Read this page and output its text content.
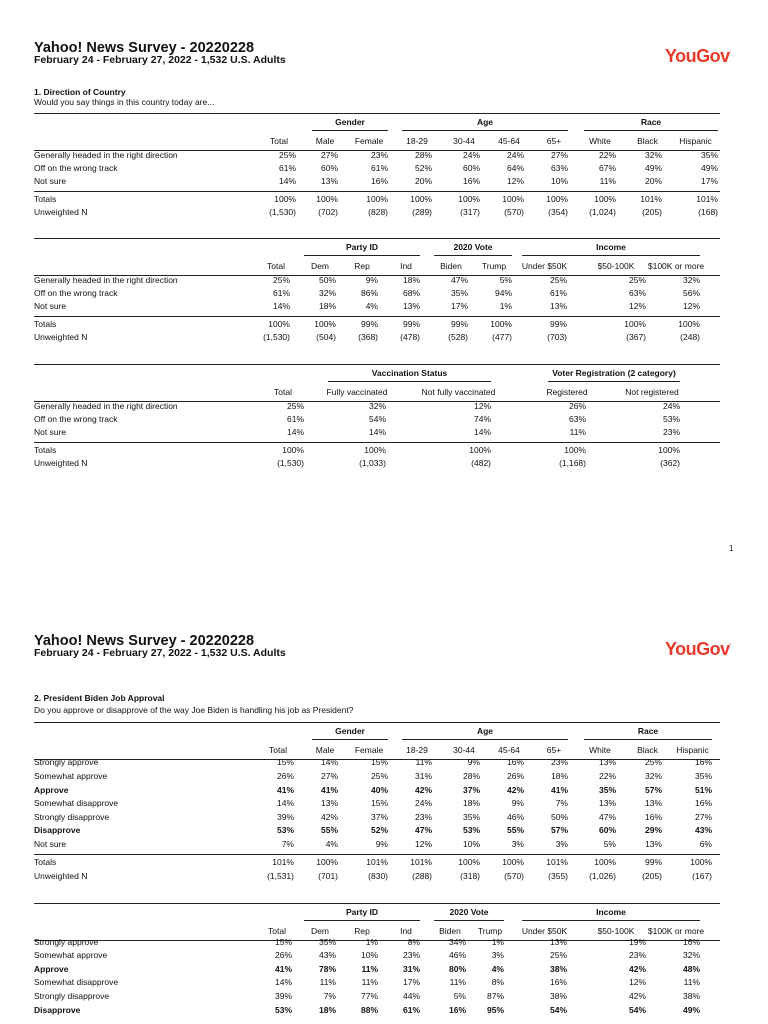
Yahoo! News Survey - 20220228
February 24 - February 27, 2022 - 1,532 U.S. Adults	YouGov’
1. Direction of Country
Would you say things in this country today are...
1
Gender	Age	Race
Total	Male	Female	18-29	30-44	45-64	65+	White	Black	Hispanic
Generally headed in the right direction	25%	27%	23%	28%	24%	24%	27%	22%	32%	35%
Off on the wrong track	61%	60%	61%	52%	60%	64%	63%	67%	49%	49%
Not sure	14%	13%	16%	20%	16%	12%	10%	11%	20%	17%
Totals	100%	100%	100%	100%	100%	100%	100%	100%	101%	101%
Unweighted N	(1,530)	(702)	(828)	(289)	(317)	(570)	(354)	(1,024)	(205)	(168)
Party ID	2020 Vote	Income
Total	Dem	Rep	Ind	Biden	Trump	Under $50K	$50-100K	$100K or more
Generally headed in the right direction	25%	50%	9%	18%	47%	5%	25%	25%	32%
Off on the wrong track	61%	32%	86%	68%	35%	94%	61%	63%	56%
Not sure	14%	18%	4%	13%	17%	1%	13%	12%	12%
Totals	100%	100%	99%	99%	99%	100%	99%	100%	100%
Unweighted N	(1,530)	(504)	(368)	(478)	(528)	(477)	(703)	(367)	(248)
Vaccination Status	Voter Registration (2 category)
Total	Fully vaccinated	Not fully vaccinated	Registered	Not registered
Generally headed in the right direction	25%	32%	12%	26%	24%
Off on the wrong track	61%	54%	74%	63%	53%
Not sure	14%	14%	14%	11%	23%
Totals	100%	100%	100%	100%	100%
Unweighted N	(1,530)	(1,033)	(482)	(1,168)	(362)
Yahoo! News Survey - 20220228
February 24 - February 27, 2022 - 1,532 U.S. Adults	YouGov’
2. President Biden Job Approval
Do you approve or disapprove of the way Joe Biden is handling his job as President?
Gender	Age	Race
Total	Male	Female	18-29	30-44	45-64	65+	White	Black	Hispanic
Strongly approve	15%	14%	15%	11%	9%	16%	23%	13%	25%	16%
Somewhat approve	26%	27%	25%	31%	28%	26%	18%	22%	32%	35%
Approve	41%	41%	40%	42%	37%	42%	41%	35%	57%	51%
Somewhat disapprove	14%	13%	15%	24%	18%	9%	7%	13%	13%	16%
Strongly disapprove	39%	42%	37%	23%	35%	46%	50%	47%	16%	27%
Disapprove	53%	55%	52%	47%	53%	55%	57%	60%	29%	43%
Not sure	7%	4%	9%	12%	10%	3%	3%	5%	13%	6%
Totals	101%	100%	101%	101%	100%	100%	101%	100%	99%	100%
Unweighted N	(1,531)	(701)	(830)	(288)	(318)	(570)	(355)	(1,026)	(205)	(167)
Party ID	2020 Vote	Income
Total	Dem	Rep	Ind	Biden	Trump	Under $50K	$50-100K	$100K or more
Strongly approve	15%	35%	1%	8%	34%	1%	13%	19%	16%
Somewhat approve	26%	43%	10%	23%	46%	3%	25%	23%	32%
Approve	41%	78%	11%	31%	80%	4%	38%	42%	48%
Somewhat disapprove	14%	11%	11%	17%	11%	8%	16%	12%	11%
Strongly disapprove	39%	7%	77%	44%	5%	87%	38%	42%	38%
Disapprove	53%	18%	88%	61%	16%	95%	54%	54%	49%
